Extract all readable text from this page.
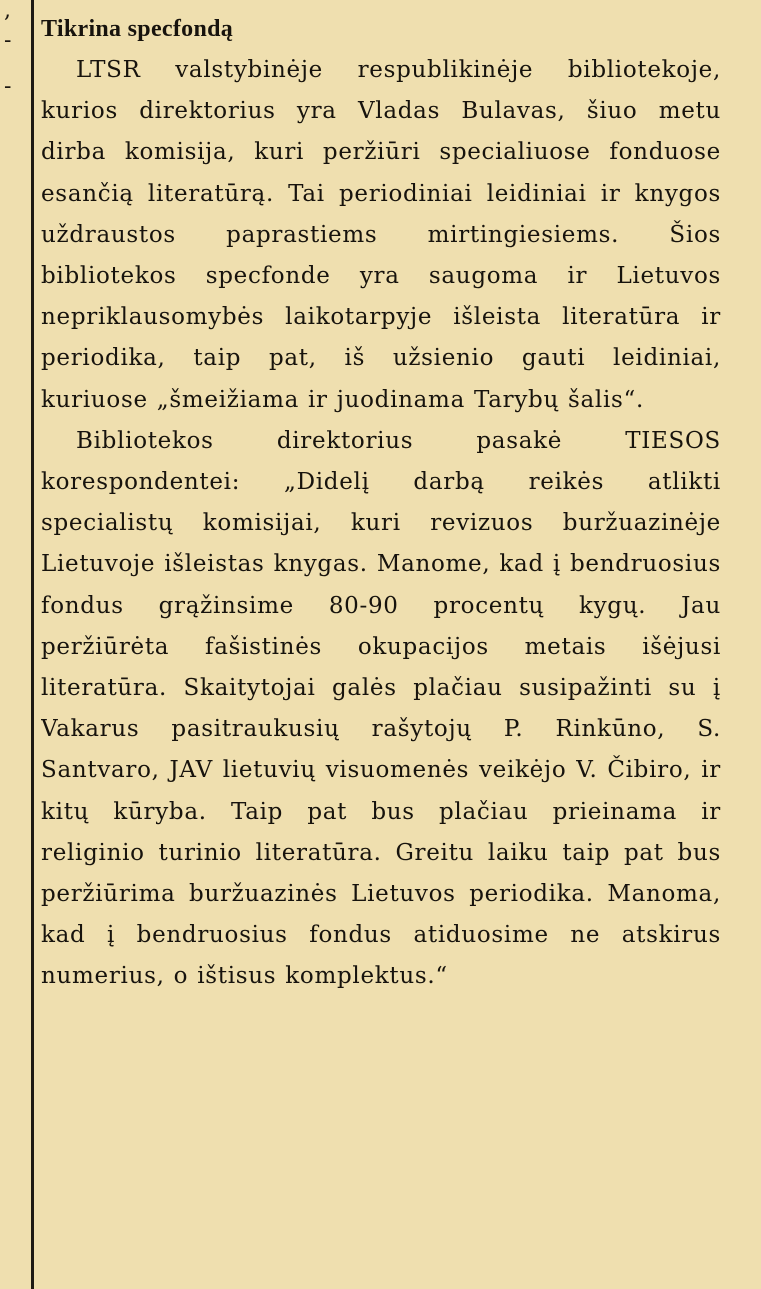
,
-
-
Tikrina specfondą

LTSR valstybinėje respublikinėje bibliotekoje, kurios direktorius yra Vladas Bulavas, šiuo metu dirba komisija, kuri peržiūri specialiuose fonduose esančią literatūrą. Tai periodiniai leidiniai ir knygos uždraustos paprastiems mirtingiesiems. Šios bibliotekos specfonde yra saugoma ir Lietuvos nepriklausomybės laikotarpyje išleista literatūra ir periodika, taip pat, iš užsienio gauti leidiniai, kuriuose „šmeižiama ir juodinama Tarybų šalis“.

Bibliotekos direktorius pasakė TIESOS korespondentei: „Didelį darbą reikės atlikti specialistų komisijai, kuri revizuos buržuazinėje Lietuvoje išleistas knygas. Manome, kad į bendruosius fondus grąžinsime 80-90 procentų kygų. Jau peržiūrėta fašistinės okupacijos metais išėjusi literatūra. Skaitytojai galės plačiau susipažinti su į Vakarus pasitraukusių rašytojų P. Rinkūno, S. Santvaro, JAV lietuvių visuomenės veikėjo V. Čibiro, ir kitų kūryba. Taip pat bus plačiau prieinama ir religinio turinio literatūra. Greitu laiku taip pat bus peržiūrima buržuazinės Lietuvos periodika. Manoma, kad į bendruosius fondus atiduosime ne atskirus numerius, o ištisus komplektus.“
